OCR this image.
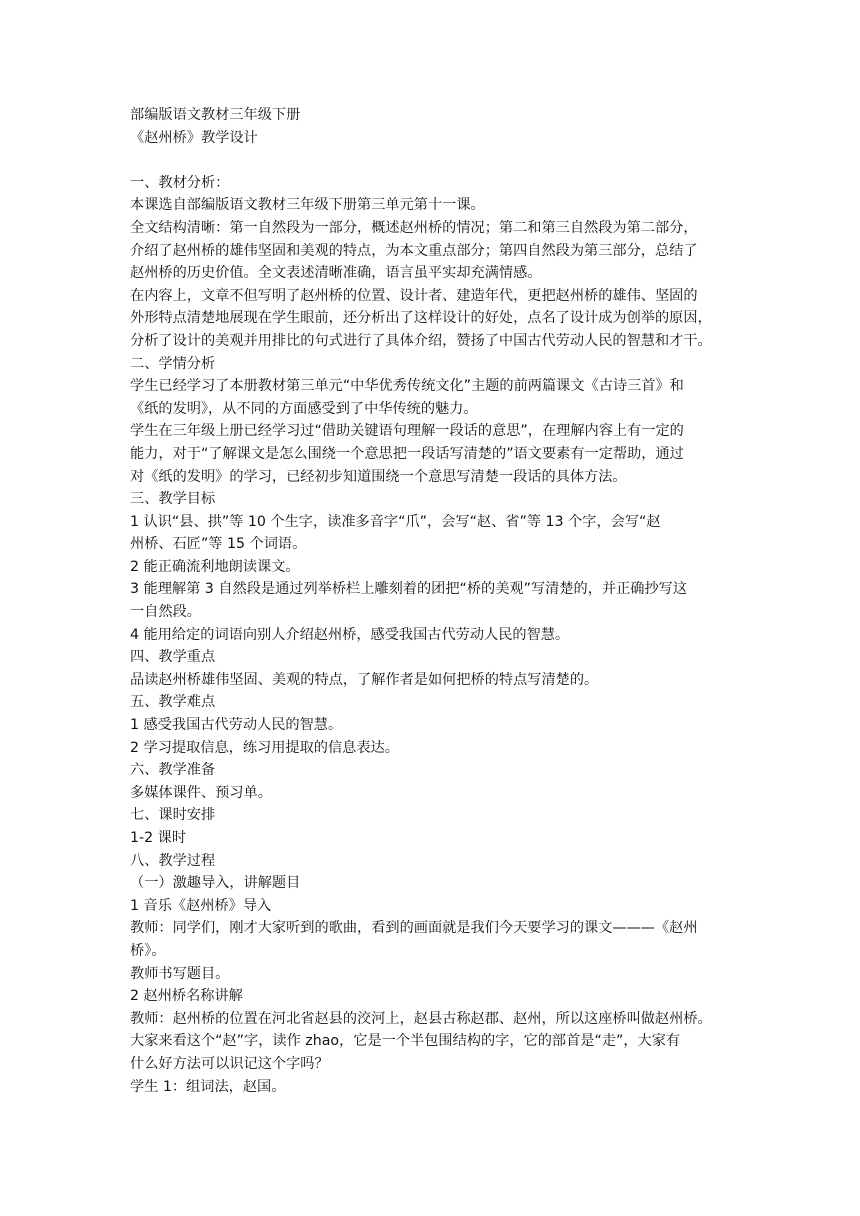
部编版语文教材三年级下册
《赵州桥》教学设计
一、教材分析：
本课选自部编版语文教材三年级下册第三单元第十一课。
全文结构清晰：第一自然段为一部分，概述赵州桥的情况；第二和第三自然段为第二部分，
介绍了赵州桥的雄伟坚固和美观的特点，为本文重点部分；第四自然段为第三部分，总结了
赵州桥的历史价值。全文表述清晰准确，语言虽平实却充满情感。
在内容上，文章不但写明了赵州桥的位置、设计者、建造年代，更把赵州桥的雄伟、坚固的
外形特点清楚地展现在学生眼前，还分析出了这样设计的好处，点名了设计成为创举的原因，
分析了设计的美观并用排比的句式进行了具体介绍，赞扬了中国古代劳动人民的智慧和才干。
二、学情分析
学生已经学习了本册教材第三单元“中华优秀传统文化”主题的前两篇课文《古诗三首》和
《纸的发明》，从不同的方面感受到了中华传统的魅力。
学生在三年级上册已经学习过“借助关键语句理解一段话的意思”，在理解内容上有一定的
能力，对于“了解课文是怎么围绕一个意思把一段话写清楚的”语文要素有一定帮助，通过
对《纸的发明》的学习，已经初步知道围绕一个意思写清楚一段话的具体方法。
三、教学目标
1 认识“县、拱”等 10 个生字，读准多音字“爪”，会写“赵、省”等 13 个字，会写“赵
州桥、石匠”等 15 个词语。
2 能正确流利地朗读课文。
3 能理解第 3 自然段是通过列举桥栏上雕刻着的团把“桥的美观”写清楚的，并正确抄写这
一自然段。
4 能用给定的词语向别人介绍赵州桥，感受我国古代劳动人民的智慧。
四、教学重点
品读赵州桥雄伟坚固、美观的特点，了解作者是如何把桥的特点写清楚的。
五、教学难点
1 感受我国古代劳动人民的智慧。
2 学习提取信息，练习用提取的信息表达。
六、教学准备
多媒体课件、预习单。
七、课时安排
1-2 课时
八、教学过程
（一）激趣导入，讲解题目
1 音乐《赵州桥》导入
教师：同学们，刚才大家听到的歌曲，看到的画面就是我们今天要学习的课文———《赵州
桥》。
教师书写题目。
2 赵州桥名称讲解
教师：赵州桥的位置在河北省赵县的洨河上，赵县古称赵郡、赵州，所以这座桥叫做赵州桥。
大家来看这个“赵”字，读作 zhao，它是一个半包围结构的字，它的部首是“走”，大家有
什么好方法可以识记这个字吗？
学生 1：组词法，赵国。
